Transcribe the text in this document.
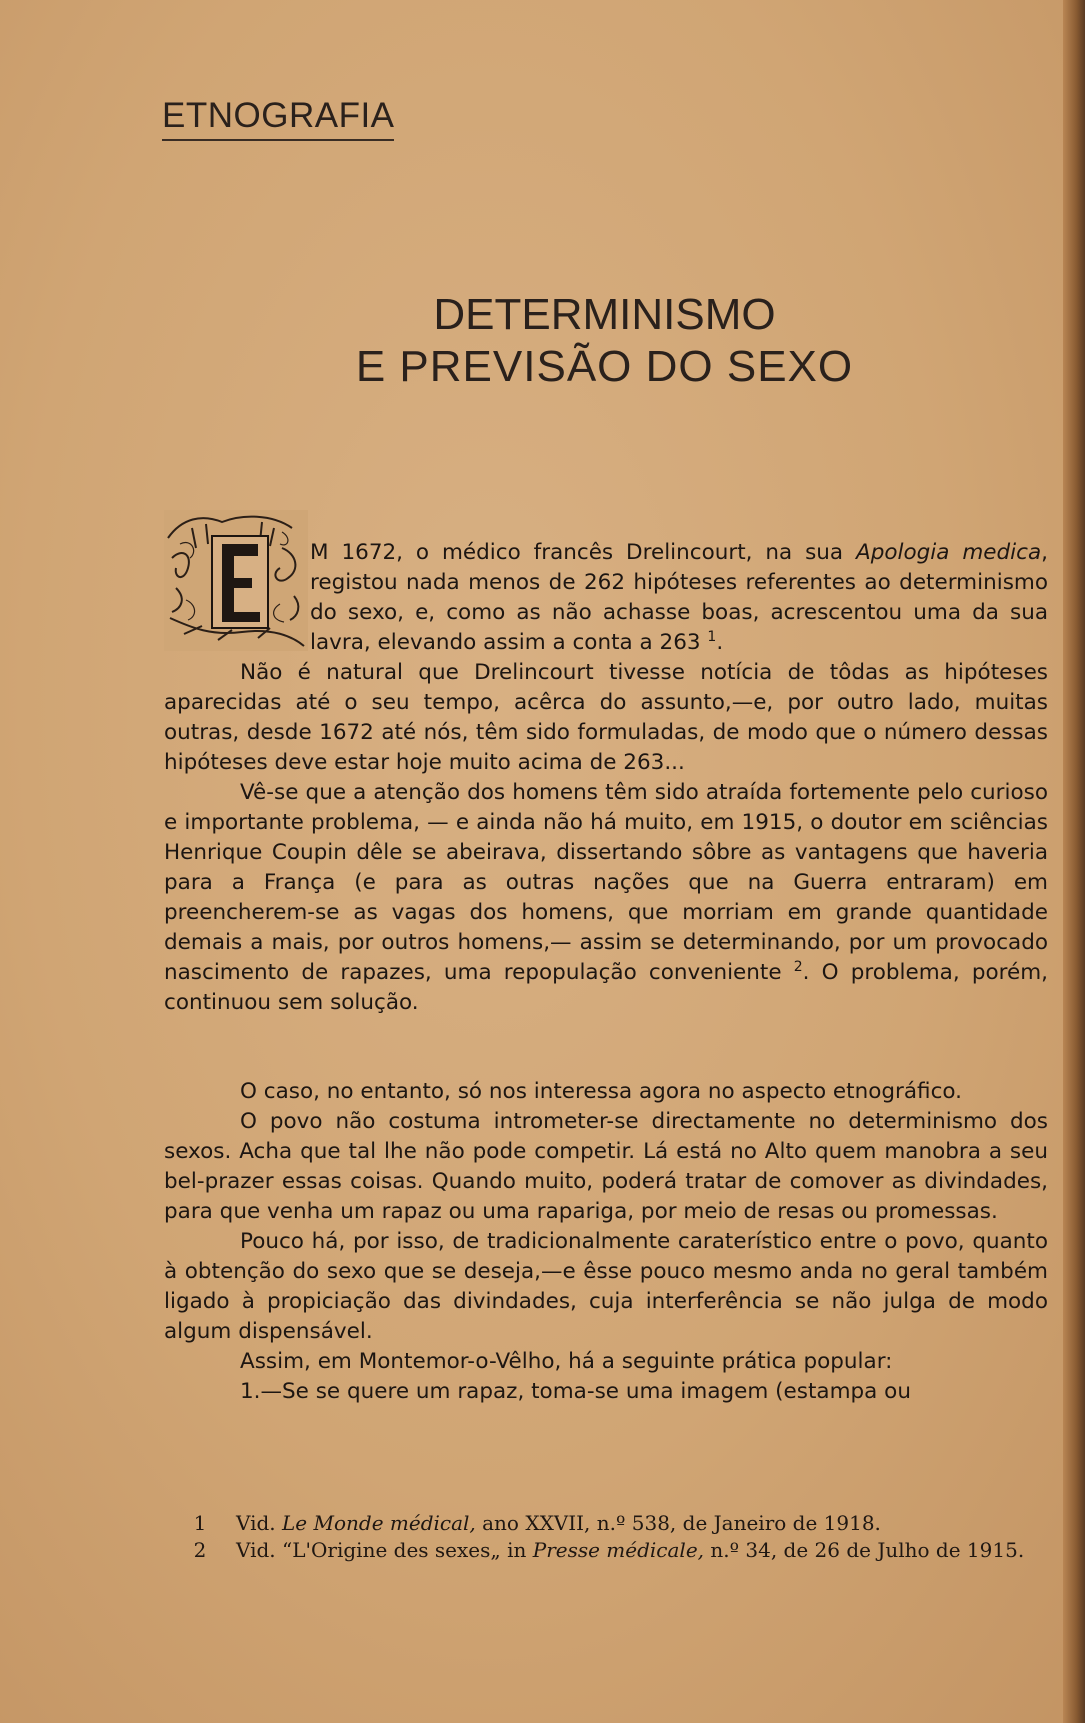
ETNOGRAFIA
DETERMINISMO
E PREVISÃO DO SEXO

M 1672, o médico francês Drelincourt, na sua Apologia medica, registou nada menos de 262 hipóteses referentes ao determinismo do sexo, e, como as não achasse boas, acrescentou uma da sua lavra, elevando assim a conta a 263 $^1$.

Não é natural que Drelincourt tivesse notícia de tôdas as hipóteses aparecidas até o seu tempo, acêrca do assunto,—e, por outro lado, muitas outras, desde 1672 até nós, têm sido formuladas, de modo que o número dessas hipóteses deve estar hoje muito acima de 263...

Vê-se que a atenção dos homens têm sido atraída fortemente pelo curioso e importante problema, — e ainda não há muito, em 1915, o doutor em sciências Henrique Coupin dêle se abeirava, dissertando sôbre as vantagens que haveria para a França (e para as outras nações que na Guerra entraram) em preencherem-se as vagas dos homens, que morriam em grande quantidade demais a mais, por outros homens,— assim se determinando, por um provocado nascimento de rapazes, uma repopulação conveniente $^2$. O problema, porém, continuou sem solução.

O caso, no entanto, só nos interessa agora no aspecto etnográfico.

O povo não costuma intrometer-se directamente no determinismo dos sexos. Acha que tal lhe não pode competir. Lá está no Alto quem manobra a seu bel-prazer essas coisas. Quando muito, poderá tratar de comover as divindades, para que venha um rapaz ou uma rapariga, por meio de resas ou promessas.

Pouco há, por isso, de tradicionalmente caraterístico entre o povo, quanto à obtenção do sexo que se deseja,—e êsse pouco mesmo anda no geral também ligado à propiciação das divindades, cuja interferência se não julga de modo algum dispensável.

Assim, em Montemor-o-Vêlho, há a seguinte prática popular:

1.—Se se quere um rapaz, toma-se uma imagem (estampa ou

1 Vid. Le Monde médical, ano XXVII, n.º 538, de Janeiro de 1918.

2 Vid. “L'Origine des sexes„ in Presse médicale, n.º 34, de 26 de Julho de 1915.
